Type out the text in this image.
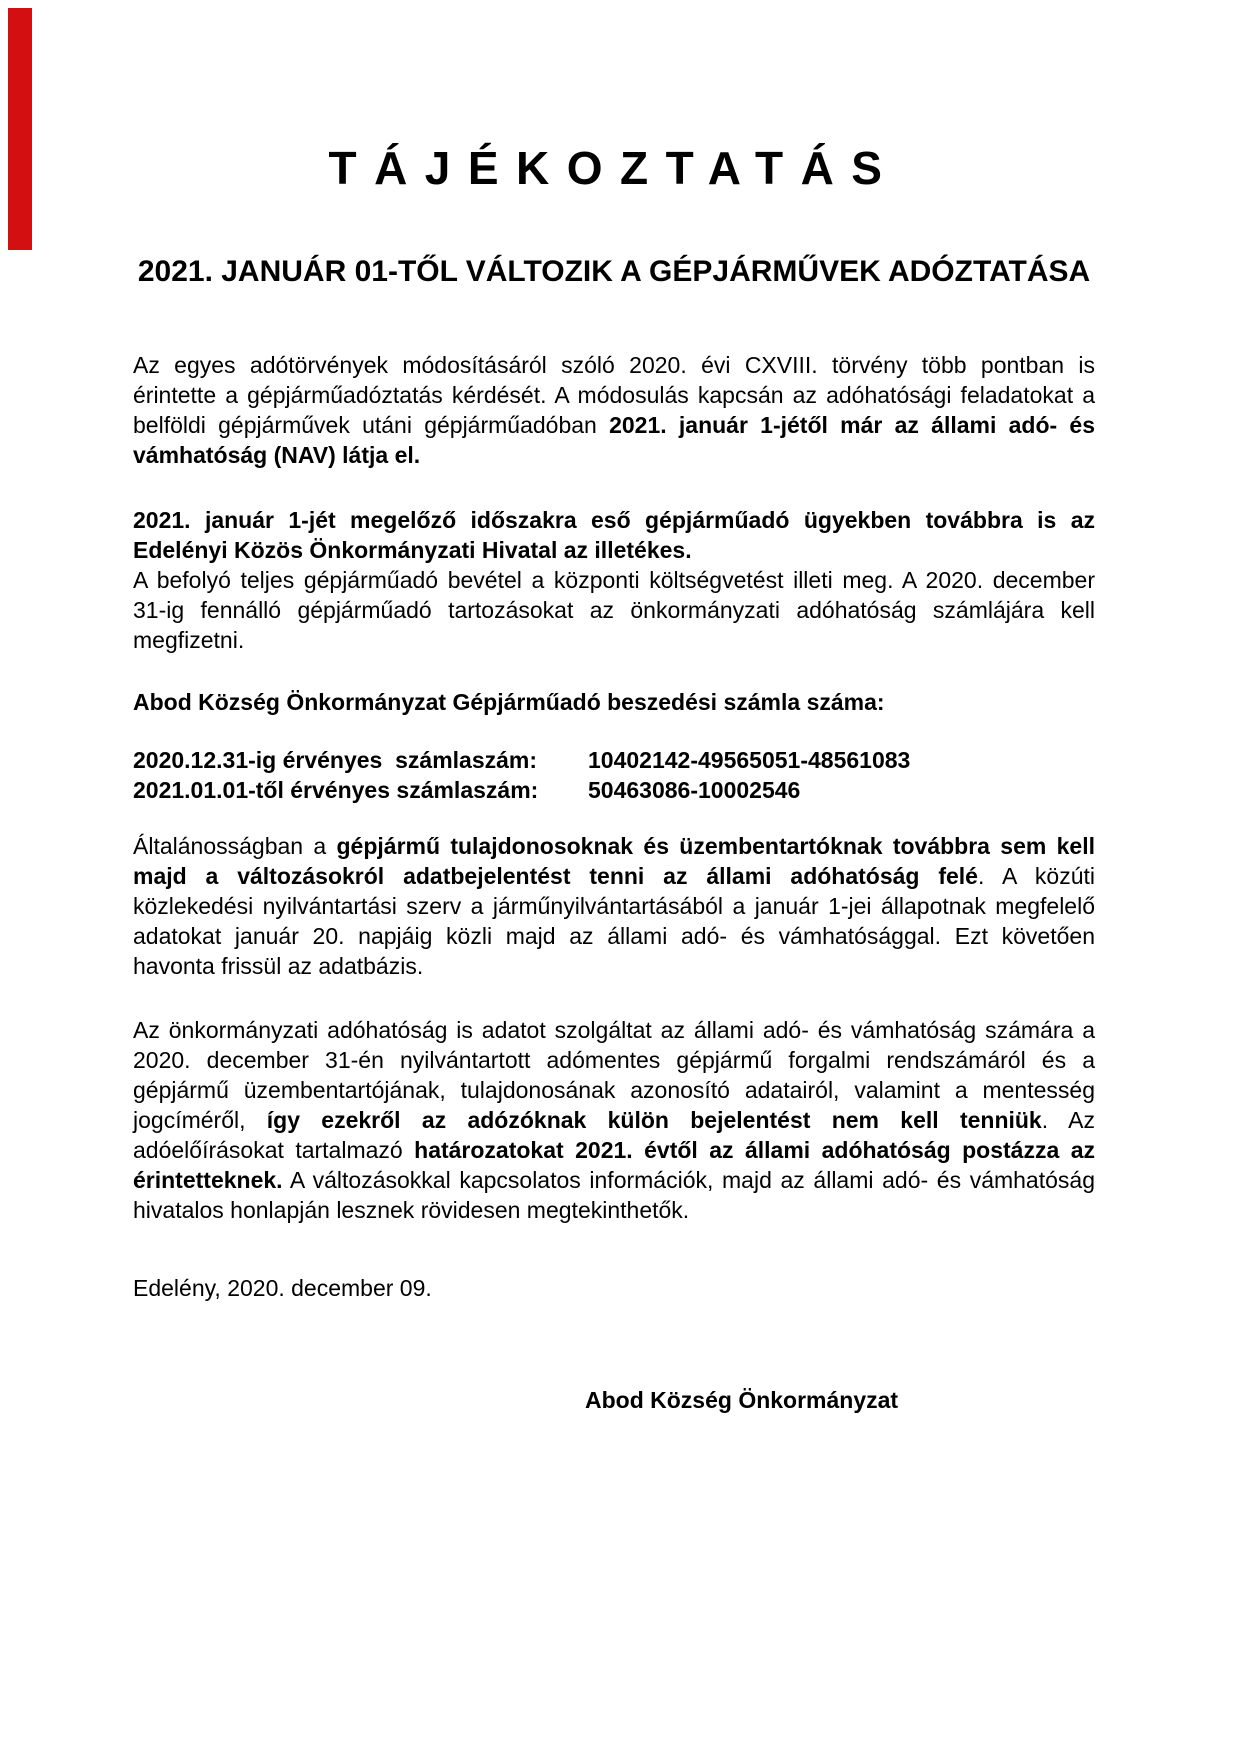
TÁJÉKOZTATÁS
2021. JANUÁR 01-TŐL VÁLTOZIK A GÉPJÁRMŰVEK ADÓZTATÁSA
Az egyes adótörvények módosításáról szóló 2020. évi CXVIII. törvény több pontban is érintette a gépjárműadóztatás kérdését. A módosulás kapcsán az adóhatósági feladatokat a belföldi gépjárművek utáni gépjárműadóban 2021. január 1-jétől már az állami adó- és vámhatóság (NAV) látja el.
2021. január 1-jét megelőző időszakra eső gépjárműadó ügyekben továbbra is az Edelényi Közös Önkormányzati Hivatal az illetékes.
A befolyó teljes gépjárműadó bevétel a központi költségvetést illeti meg. A 2020. december 31-ig fennálló gépjárműadó tartozásokat az önkormányzati adóhatóság számlájára kell megfizetni.
Abod Község Önkormányzat Gépjárműadó beszedési számla száma:
2020.12.31-ig érvényes  számlaszám:	10402142-49565051-48561083
2021.01.01-től érvényes számlaszám:	50463086-10002546
Általánosságban a gépjármű tulajdonosoknak és üzembentartóknak továbbra sem kell majd a változásokról adatbejelentést tenni az állami adóhatóság felé. A közúti közlekedési nyilvántartási szerv a járműnyilvántartásából a január 1-jei állapotnak megfelelő adatokat január 20. napjáig közli majd az állami adó- és vámhatósággal. Ezt követően havonta frissül az adatbázis.
Az önkormányzati adóhatóság is adatot szolgáltat az állami adó- és vámhatóság számára a 2020. december 31-én nyilvántartott adómentes gépjármű forgalmi rendszámáról és a gépjármű üzembentartójának, tulajdonosának azonosító adatairól, valamint a mentesség jogcíméről, így ezekről az adózóknak külön bejelentést nem kell tenniük. Az adóelőírásokat tartalmazó határozatokat 2021. évtől az állami adóhatóság postázza az érintetteknek. A változásokkal kapcsolatos információk, majd az állami adó- és vámhatóság hivatalos honlapján lesznek rövidesen megtekinthetők.
Edelény, 2020. december 09.
Abod Község Önkormányzat
